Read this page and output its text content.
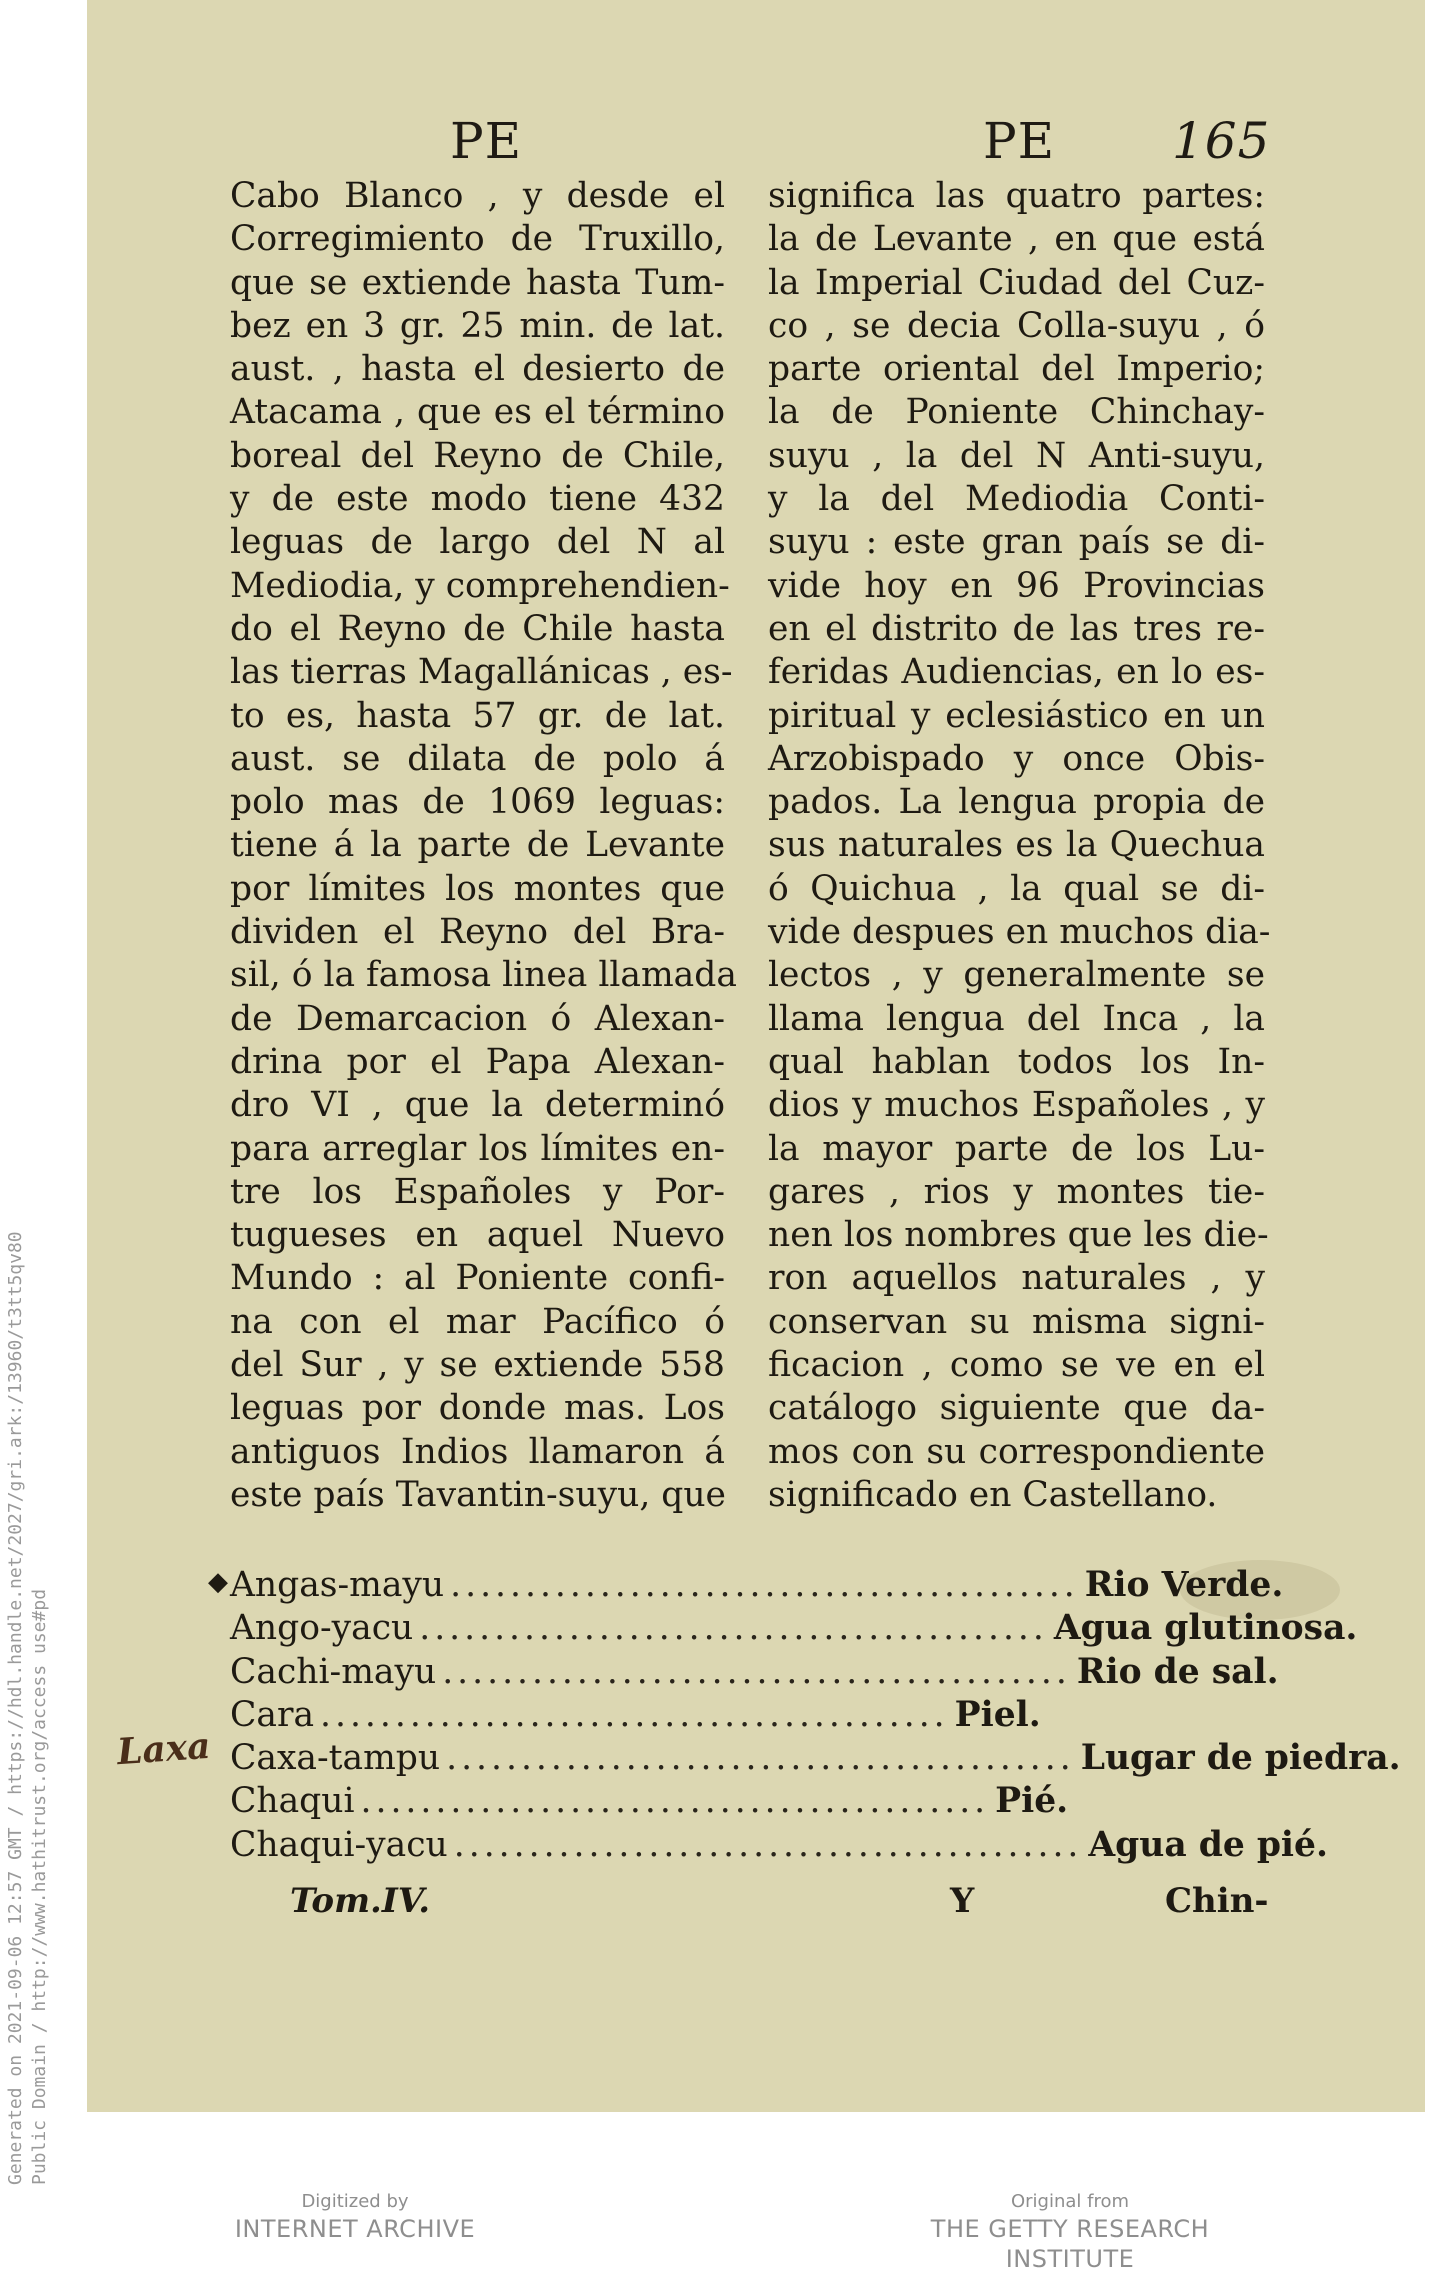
Generated on 2021-09-06 12:57 GMT / https://hdl.handle.net/2027/gri.ark:/13960/t3tt5qv80 Public Domain / http://www.hathitrust.org/access use#pd
PE	PE 165
Cabo Blanco , y desde el
Corregimiento de Truxillo,
que se extiende hasta Tum-
bez en 3 gr. 25 min. de lat.
aust. , hasta el desierto de
Atacama , que es el término
boreal del Reyno de Chile,
y de este modo tiene 432
leguas de largo del N al
Mediodia, y comprehendien-
do el Reyno de Chile hasta
las tierras Magallánicas , es-
to es, hasta 57 gr. de lat.
aust. se dilata de polo á
polo mas de 1069 leguas:
tiene á la parte de Levante
por límites los montes que
dividen el Reyno del Bra-
sil, ó la famosa linea llamada
de Demarcacion ó Alexan-
drina por el Papa Alexan-
dro VI , que la determinó
para arreglar los límites en-
tre los Españoles y Por-
tugueses en aquel Nuevo
Mundo : al Poniente confi-
na con el mar Pacífico ó
del Sur , y se extiende 558
leguas por donde mas. Los
antiguos Indios llamaron á
este país Tavantin-suyu, que
significa las quatro partes:
la de Levante , en que está
la Imperial Ciudad del Cuz-
co , se decia Colla-suyu , ó
parte oriental del Imperio;
la de Poniente Chinchay-
suyu , la del N Anti-suyu,
y la del Mediodia Conti-
suyu : este gran país se di-
vide hoy en 96 Provincias
en el distrito de las tres re-
feridas Audiencias, en lo es-
piritual y eclesiástico en un
Arzobispado y once Obis-
pados. La lengua propia de
sus naturales es la Quechua
ó Quichua , la qual se di-
vide despues en muchos dia-
lectos , y generalmente se
llama lengua del Inca , la
qual hablan todos los In-
dios y muchos Españoles , y
la mayor parte de los Lu-
gares , rios y montes tie-
nen los nombres que les die-
ron aquellos naturales , y
conservan su misma signi-
ficacion , como se ve en el
catálogo siguiente que da-
mos con su correspondiente
significado en Castellano.
◆
Laxa
Angas-mayu .......................................... Rio Verde.
Ango-yacu .......................................... Agua glutinosa.
Cachi-mayu .......................................... Rio de sal.
Cara .......................................... Piel.
Caxa-tampu .......................................... Lugar de piedra.
Chaqui .......................................... Pié.
Chaqui-yacu .......................................... Agua de pié.
Tom.IV.	Y	Chin-
Digitized by
INTERNET ARCHIVE
Original from
THE GETTY RESEARCH INSTITUTE
